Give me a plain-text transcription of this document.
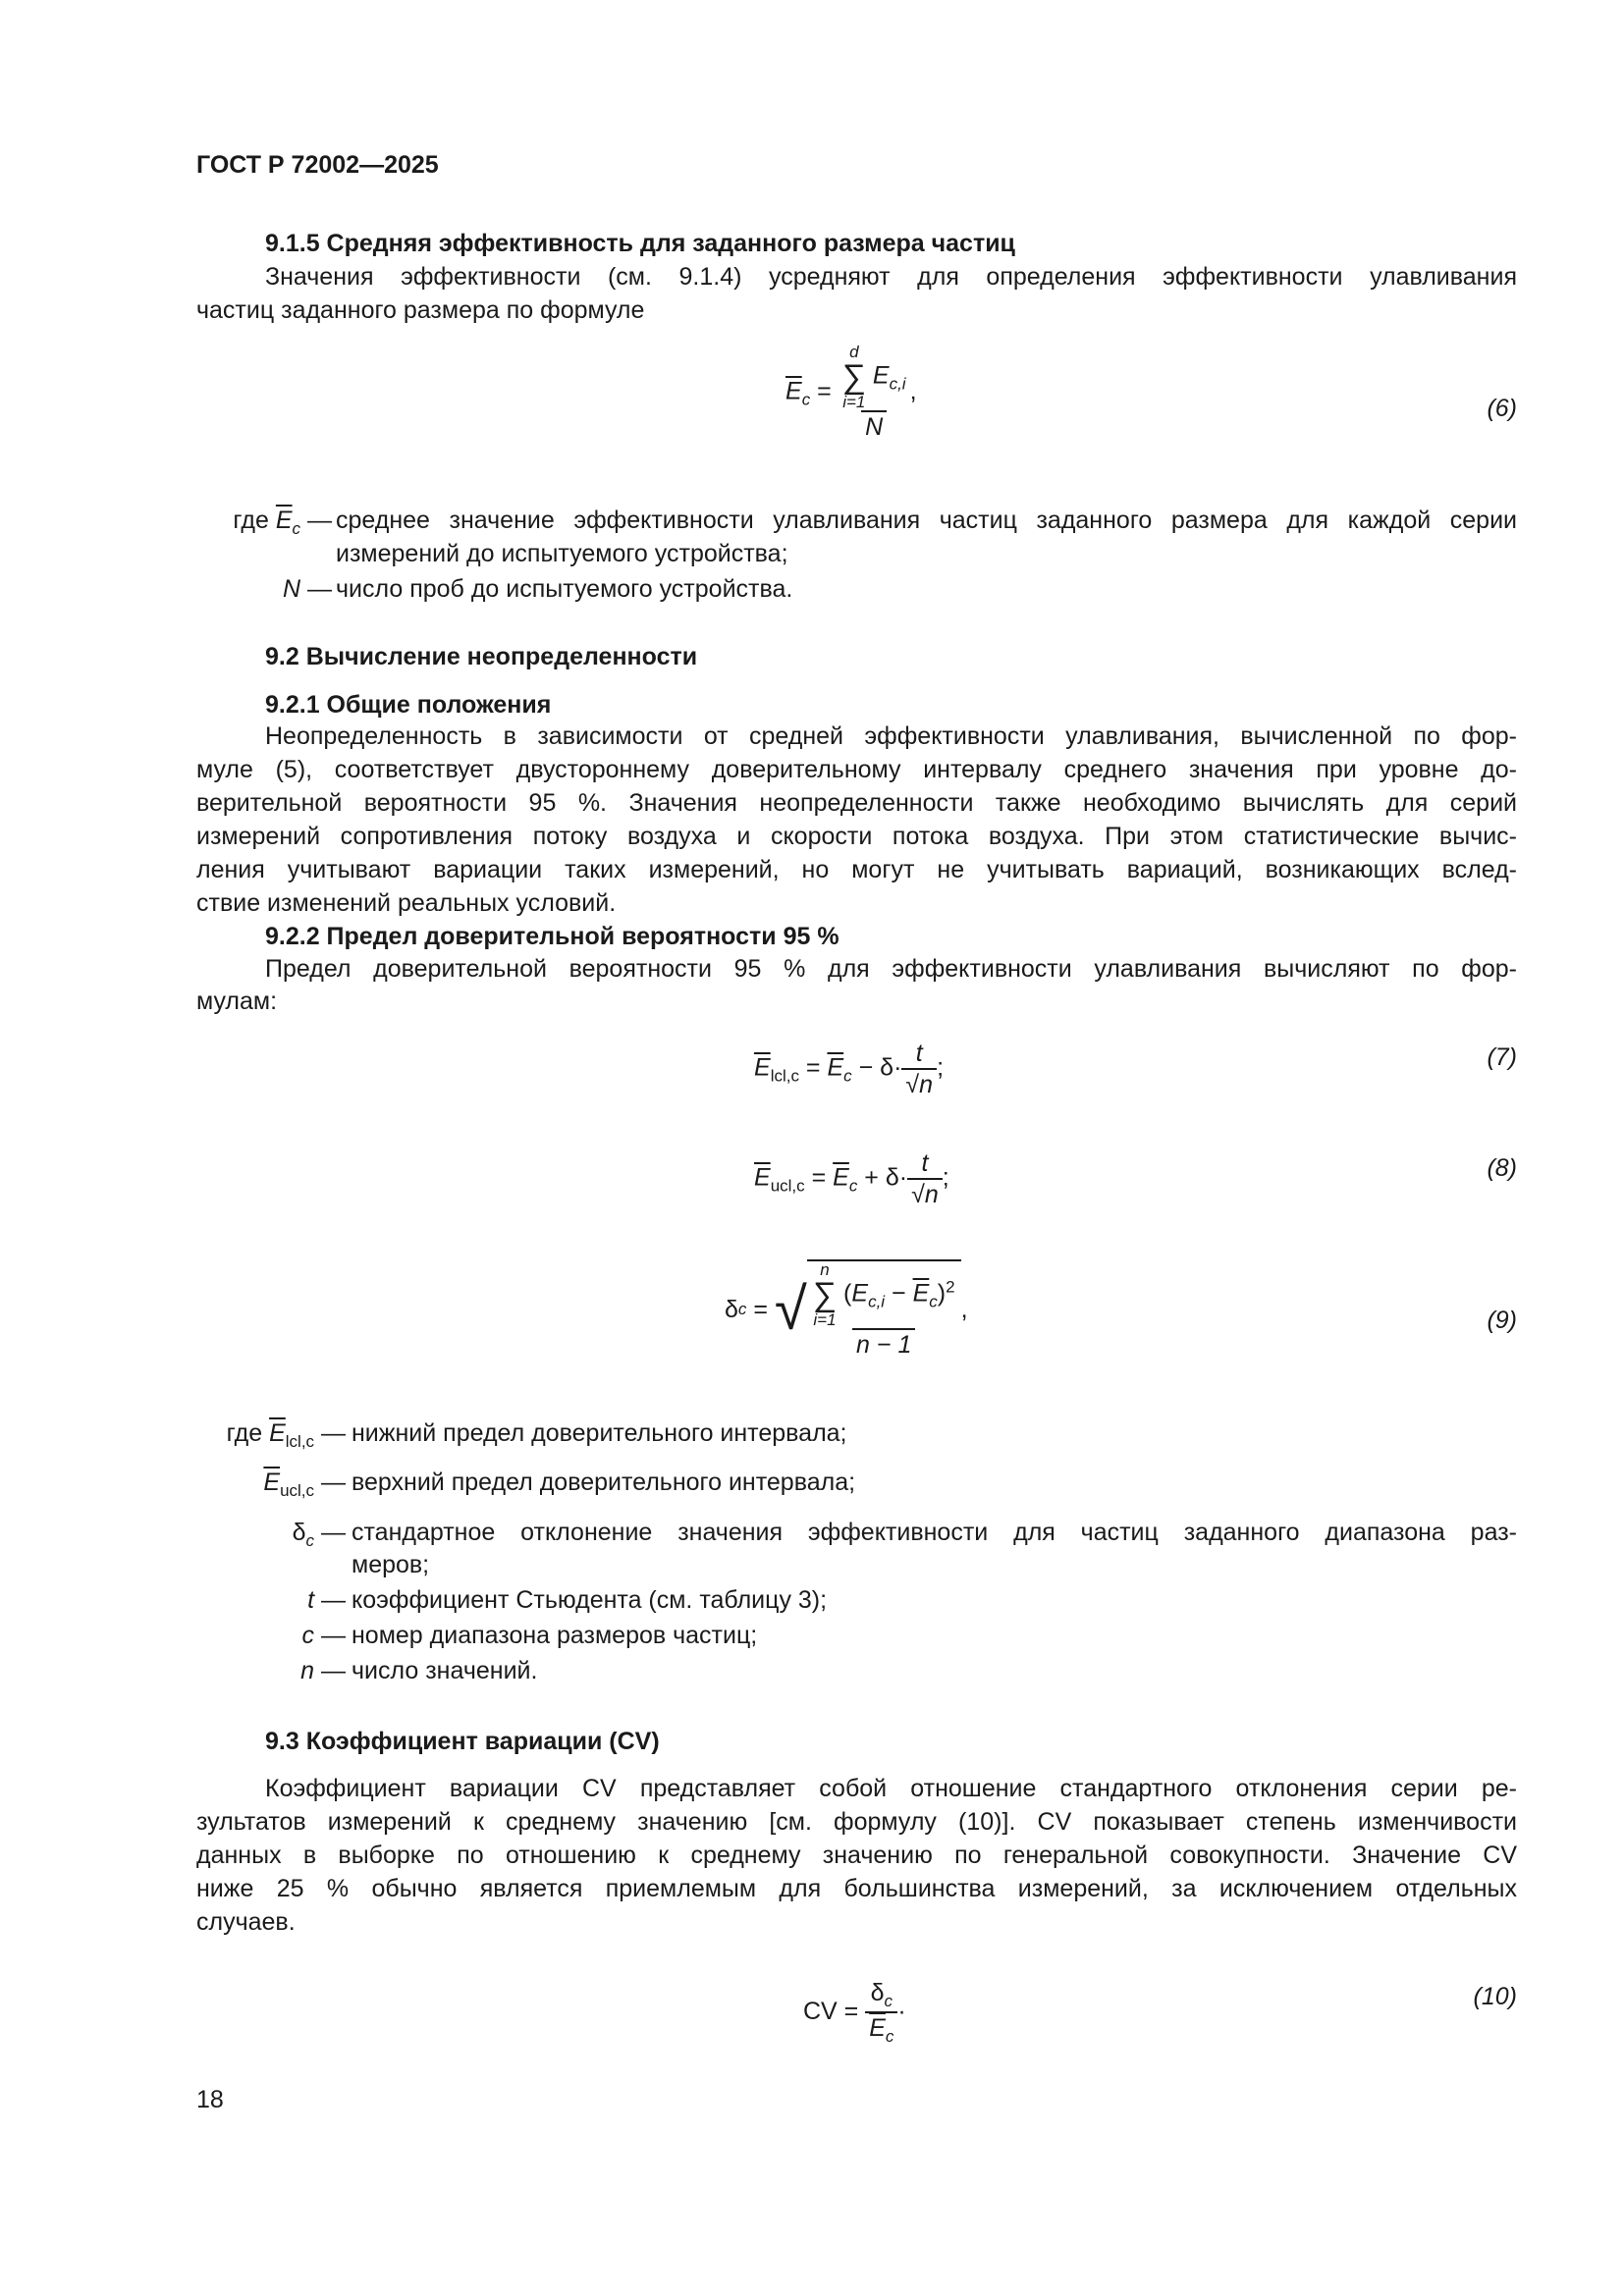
ГОСТ Р 72002—2025
9.1.5 Средняя эффективность для заданного размера частиц
Значения эффективности (см. 9.1.4) усредняют для определения эффективности улавливания
частиц заданного размера по формуле
$\overline{E}_c = d$
∑
i=1
$E_{c,i}$
N ,
(6)
где $\overline{E}_c$ — среднее значение эффективности улавливания частиц заданного размера для каждой серии
измерений до испытуемого устройства;
N — число проб до испытуемого устройства.
9.2 Вычисление неопределенности
9.2.1 Общие положения
Неопределенность в зависимости от средней эффективности улавливания, вычисленной по фор-
муле (5), соответствует двустороннему доверительному интервалу среднего значения при уровне до-
верительной вероятности 95 %. Значения неопределенности также необходимо вычислять для серий
измерений сопротивления потоку воздуха и скорости потока воздуха. При этом статистические вычис-
ления учитывают вариации таких измерений, но могут не учитывать вариаций, возникающих вслед-
ствие изменений реальных условий.
9.2.2 Предел доверительной вероятности 95 %
Предел доверительной вероятности 95 % для эффективности улавливания вычисляют по фор-
мулам:
$\overline{E}_{lcl,c} = \overline{E}_c - \delta\cdot \frac{t}{√n}$ ;	(7)
$\overline{E}_{ucl,c} = \overline{E}_c + \delta\cdot \frac{t}{√n}$ ;	(8)
δ c = √ n
∑
i=1
$(E_{c,i} - \overline{E}_c)^2$
n − 1 ,	(9)
где $\overline{E}_{lcl,c}$ — нижний предел доверительного интервала;
$\overline{E}_{ucl,c}$ — верхний предел доверительного интервала;
$\delta_c$ — стандартное отклонение значения эффективности для частиц заданного диапазона раз-
меров;
t — коэффициент Стьюдента (см. таблицу 3);
c — номер диапазона размеров частиц;
n — число значений.
9.3 Коэффициент вариации (CV)
Коэффициент вариации CV представляет собой отношение стандартного отклонения серии ре-
зультатов измерений к среднему значению [см. формулу (10)]. CV показывает степень изменчивости
данных в выборке по отношению к среднему значению по генеральной совокупности. Значение CV
ниже 25 % обычно является приемлемым для большинства измерений, за исключением отдельных
случаев.
CV = $\frac{\delta_c}{\overline{E}_c}$ ·
(10)
18
